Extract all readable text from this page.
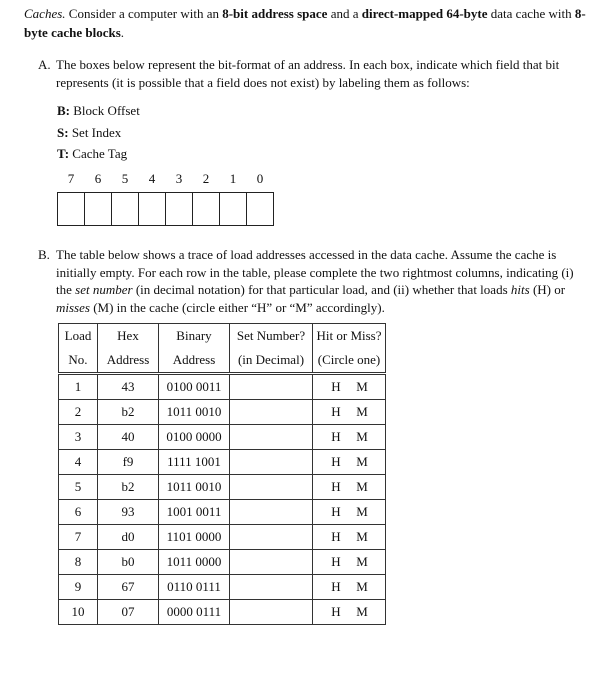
Caches. Consider a computer with an 8-bit address space and a direct-mapped 64-byte data cache with 8-byte cache blocks.
A. The boxes below represent the bit-format of an address. In each box, indicate which field that bit represents (it is possible that a field does not exist) by labeling them as follows:
B: Block Offset
S: Set Index
T: Cache Tag
7	6	5	4	3	2	1	0
B. The table below shows a trace of load addresses accessed in the data cache. Assume the cache is initially empty. For each row in the table, please complete the two rightmost columns, indicating (i) the set number (in decimal notation) for that particular load, and (ii) whether that loads hits (H) or misses (M) in the cache (circle either “H” or “M” accordingly).
Load	Hex	Binary	Set Number?	Hit or Miss?
No.	Address	Address	(in Decimal)	(Circle one)
1	43	0100 0011		H M
2	b2	1011 0010		H M
3	40	0100 0000		H M
4	f9	1111 1001		H M
5	b2	1011 0010		H M
6	93	1001 0011		H M
7	d0	1101 0000		H M
8	b0	1011 0000		H M
9	67	0110 0111		H M
10	07	0000 0111		H M
